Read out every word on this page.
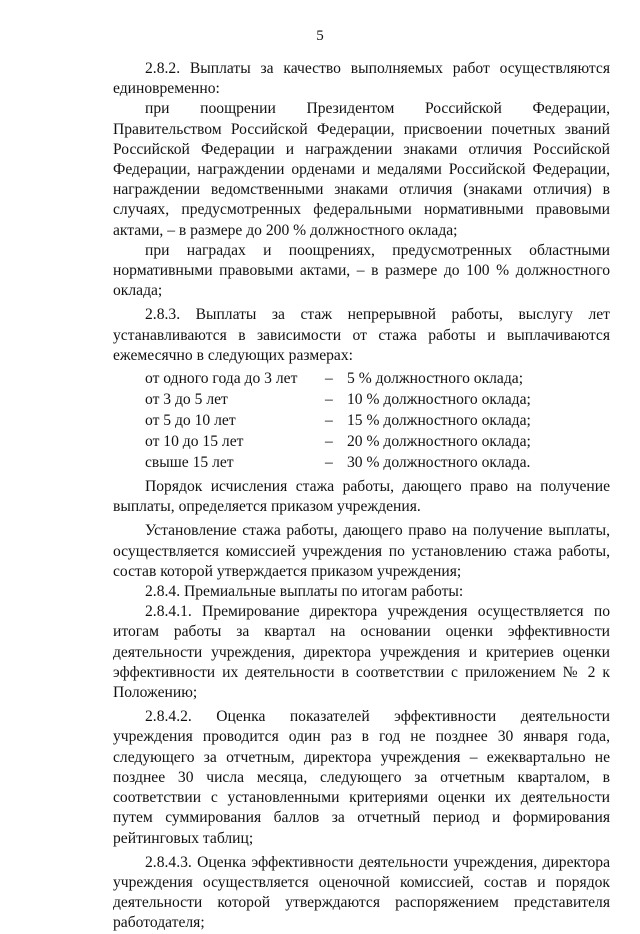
5

2.8.2. Выплаты за качество выполняемых работ осуществляются единовременно:

при поощрении Президентом Российской Федерации, Правительством Российской Федерации, присвоении почетных званий Российской Федерации и награждении знаками отличия Российской Федерации, награждении орденами и медалями Российской Федерации, награждении ведомственными знаками отличия (знаками отличия) в случаях, предусмотренных федеральными нормативными правовыми актами, – в размере до 200 % должностного оклада;

при наградах и поощрениях, предусмотренных областными нормативными правовыми актами, – в размере до 100 % должностного оклада;

2.8.3. Выплаты за стаж непрерывной работы, выслугу лет устанавливаются в зависимости от стажа работы и выплачиваются ежемесячно в следующих размерах:

от одного года до 3 лет	– 5 % должностного оклада;
от 3 до 5 лет	– 10 % должностного оклада;
от 5 до 10 лет	– 15 % должностного оклада;
от 10 до 15 лет	– 20 % должностного оклада;
свыше 15 лет	– 30 % должностного оклада.

Порядок исчисления стажа работы, дающего право на получение выплаты, определяется приказом учреждения.

Установление стажа работы, дающего право на получение выплаты, осуществляется комиссией учреждения по установлению стажа работы, состав которой утверждается приказом учреждения;

2.8.4. Премиальные выплаты по итогам работы:

2.8.4.1. Премирование директора учреждения осуществляется по итогам работы за квартал на основании оценки эффективности деятельности учреждения, директора учреждения и критериев оценки эффективности их деятельности в соответствии с приложением № 2 к Положению;

2.8.4.2. Оценка показателей эффективности деятельности учреждения проводится один раз в год не позднее 30 января года, следующего за отчетным, директора учреждения – ежеквартально не позднее 30 числа месяца, следующего за отчетным кварталом, в соответствии с установленными критериями оценки их деятельности путем суммирования баллов за отчетный период и формирования рейтинговых таблиц;

2.8.4.3. Оценка эффективности деятельности учреждения, директора учреждения осуществляется оценочной комиссией, состав и порядок деятельности которой утверждаются распоряжением представителя работодателя;
